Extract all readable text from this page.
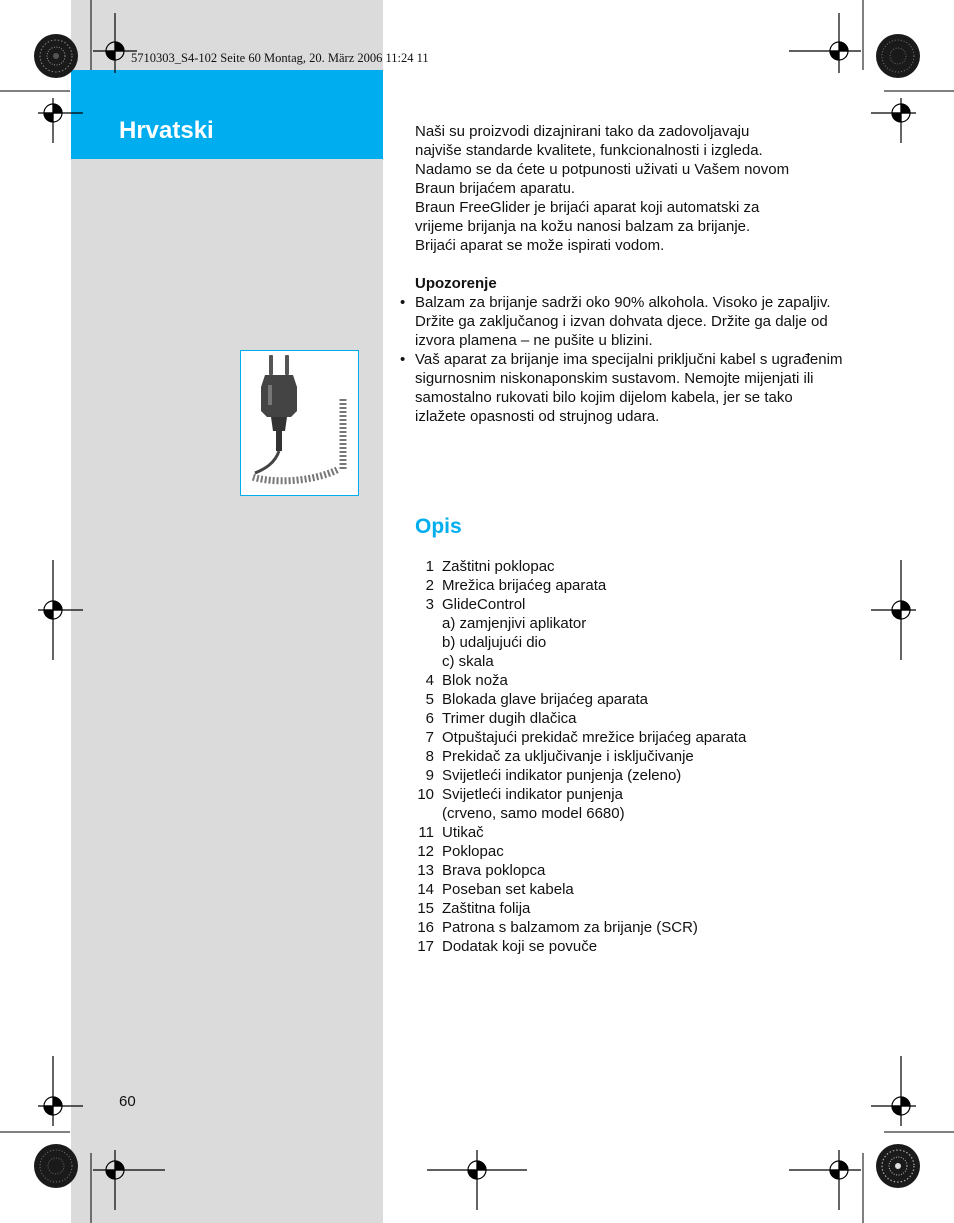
Hrvatski
5710303_S4-102 Seite 60 Montag, 20. März 2006 11:24 11

Naši su proizvodi dizajnirani tako da zadovoljavaju

najviše standarde kvalitete, funkcionalnosti i izgleda.

Nadamo se da ćete u potpunosti uživati u Vašem novom

Braun brijaćem aparatu.

Braun FreeGlider je brijaći aparat koji automatski za

vrijeme brijanja na kožu nanosi balzam za brijanje.

Brijaći aparat se može ispirati vodom.

Upozorenje

• Balzam za brijanje sadrži oko 90% alkohola. Visoko je zapaljiv. Držite ga zaključanog i izvan dohvata djece. Držite ga dalje od izvora plamena – ne pušite u blizini.

• Vaš aparat za brijanje ima specijalni priključni kabel s ugrađenim sigurnosnim niskonaponskim sustavom. Nemojte mijenjati ili samostalno rukovati bilo kojim dijelom kabela, jer se tako izlažete opasnosti od strujnog udara.

Opis
1 Zaštitni poklopac
2 Mrežica brijaćeg aparata
3 GlideControl
a) zamjenjivi aplikator
b) udaljujući dio
c) skala
4 Blok noža
5 Blokada glave brijaćeg aparata
6 Trimer dugih dlačica
7 Otpuštajući prekidač mrežice brijaćeg aparata
8 Prekidač za uključivanje i isključivanje
9 Svijetleći indikator punjenja (zeleno)
10 Svijetleći indikator punjenja
(crveno, samo model 6680)
11 Utikač
12 Poklopac
13 Brava poklopca
14 Poseban set kabela
15 Zaštitna folija
16 Patrona s balzamom za brijanje (SCR)
17 Dodatak koji se povuče
60
